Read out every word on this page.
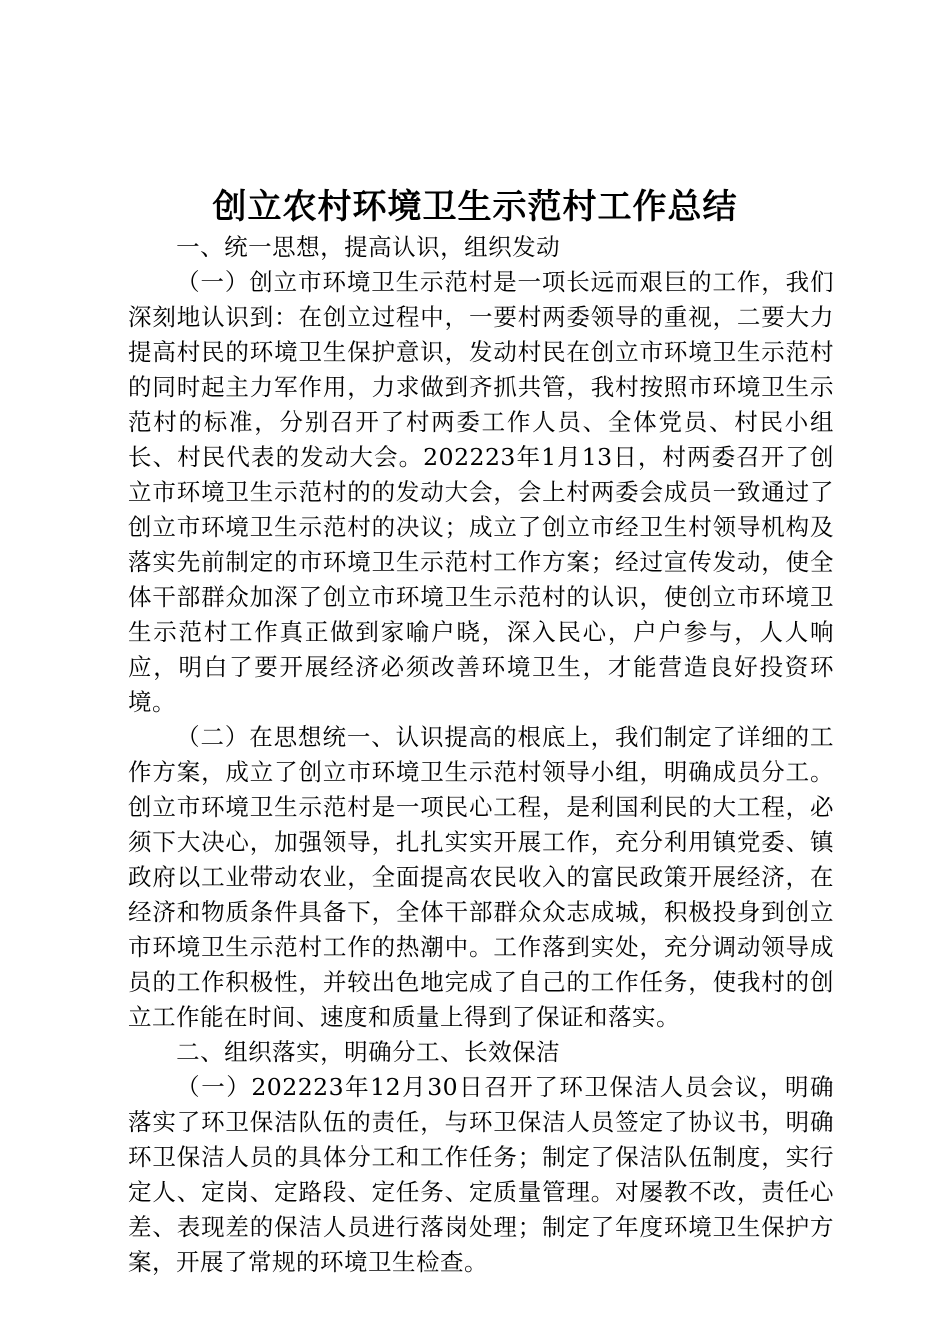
创立农村环境卫生示范村工作总结

一、统一思想，提高认识，组织发动

（一）创立市环境卫生示范村是一项长远而艰巨的工作，我们深刻地认识到：在创立过程中，一要村两委领导的重视，二要大力提高村民的环境卫生保护意识，发动村民在创立市环境卫生示范村的同时起主力军作用，力求做到齐抓共管，我村按照市环境卫生示范村的标准，分别召开了村两委工作人员、全体党员、村民小组长、村民代表的发动大会。202223年1月13日，村两委召开了创立市环境卫生示范村的的发动大会，会上村两委会成员一致通过了创立市环境卫生示范村的决议；成立了创立市经卫生村领导机构及落实先前制定的市环境卫生示范村工作方案；经过宣传发动，使全体干部群众加深了创立市环境卫生示范村的认识，使创立市环境卫生示范村工作真正做到家喻户晓，深入民心，户户参与，人人响应，明白了要开展经济必须改善环境卫生，才能营造良好投资环境。

（二）在思想统一、认识提高的根底上，我们制定了详细的工作方案，成立了创立市环境卫生示范村领导小组，明确成员分工。创立市环境卫生示范村是一项民心工程，是利国利民的大工程，必须下大决心，加强领导，扎扎实实开展工作，充分利用镇党委、镇政府以工业带动农业，全面提高农民收入的富民政策开展经济，在经济和物质条件具备下，全体干部群众众志成城，积极投身到创立市环境卫生示范村工作的热潮中。工作落到实处，充分调动领导成员的工作积极性，并较出色地完成了自己的工作任务，使我村的创立工作能在时间、速度和质量上得到了保证和落实。

二、组织落实，明确分工、长效保洁

（一）202223年12月30日召开了环卫保洁人员会议，明确落实了环卫保洁队伍的责任，与环卫保洁人员签定了协议书，明确环卫保洁人员的具体分工和工作任务；制定了保洁队伍制度，实行定人、定岗、定路段、定任务、定质量管理。对屡教不改，责任心差、表现差的保洁人员进行落岗处理；制定了年度环境卫生保护方案，开展了常规的环境卫生检查。
